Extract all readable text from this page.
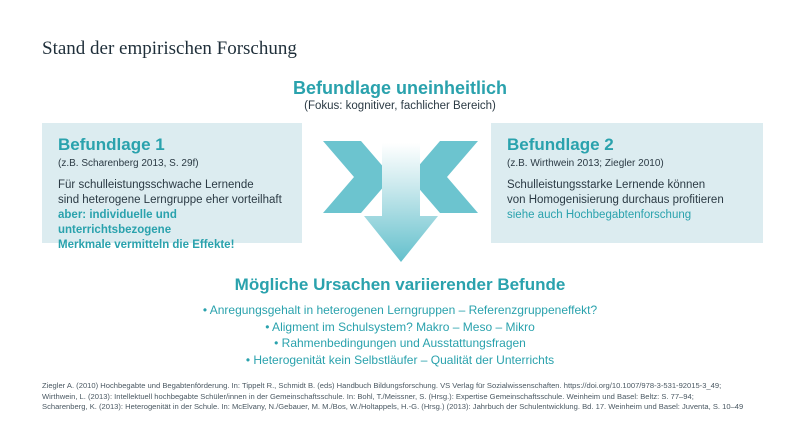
Stand der empirischen Forschung
Befundlage uneinheitlich
(Fokus: kognitiver, fachlicher Bereich)
Befundlage 1
(z.B. Scharenberg 2013, S. 29f)
Für schulleistungsschwache Lernende
sind heterogene Lerngruppe eher vorteilhaft
aber: individuelle und unterrichtsbezogene
Merkmale vermitteln die Effekte!
Befundlage 2
(z.B. Wirthwein 2013; Ziegler 2010)
Schulleistungsstarke Lernende können
von Homogenisierung durchaus profitieren
siehe auch Hochbegabtenforschung
Mögliche Ursachen variierender Befunde
• Anregungsgehalt in heterogenen Lerngruppen – Referenzgruppeneffekt?
• Aligment im Schulsystem? Makro – Meso – Mikro
• Rahmenbedingungen und Ausstattungsfragen
• Heterogenität kein Selbstläufer – Qualität der Unterrichts
Ziegler A. (2010) Hochbegabte und Begabtenförderung. In: Tippelt R., Schmidt B. (eds) Handbuch Bildungsforschung. VS Verlag für Sozialwissenschaften. https://doi.org/10.1007/978-3-531-92015-3_49;
Wirthwein, L. (2013): Intellektuell hochbegabte Schüler/innen in der Gemeinschaftsschule. In: Bohl, T./Meissner, S. (Hrsg.): Expertise Gemeinschaftsschule. Weinheim und Basel: Beltz: S. 77–94;
Scharenberg, K. (2013): Heterogenität in der Schule. In: McElvany, N./Gebauer, M. M./Bos, W./Holtappels, H.-G. (Hrsg.) (2013): Jahrbuch der Schulentwicklung. Bd. 17. Weinheim und Basel: Juventa, S. 10–49
